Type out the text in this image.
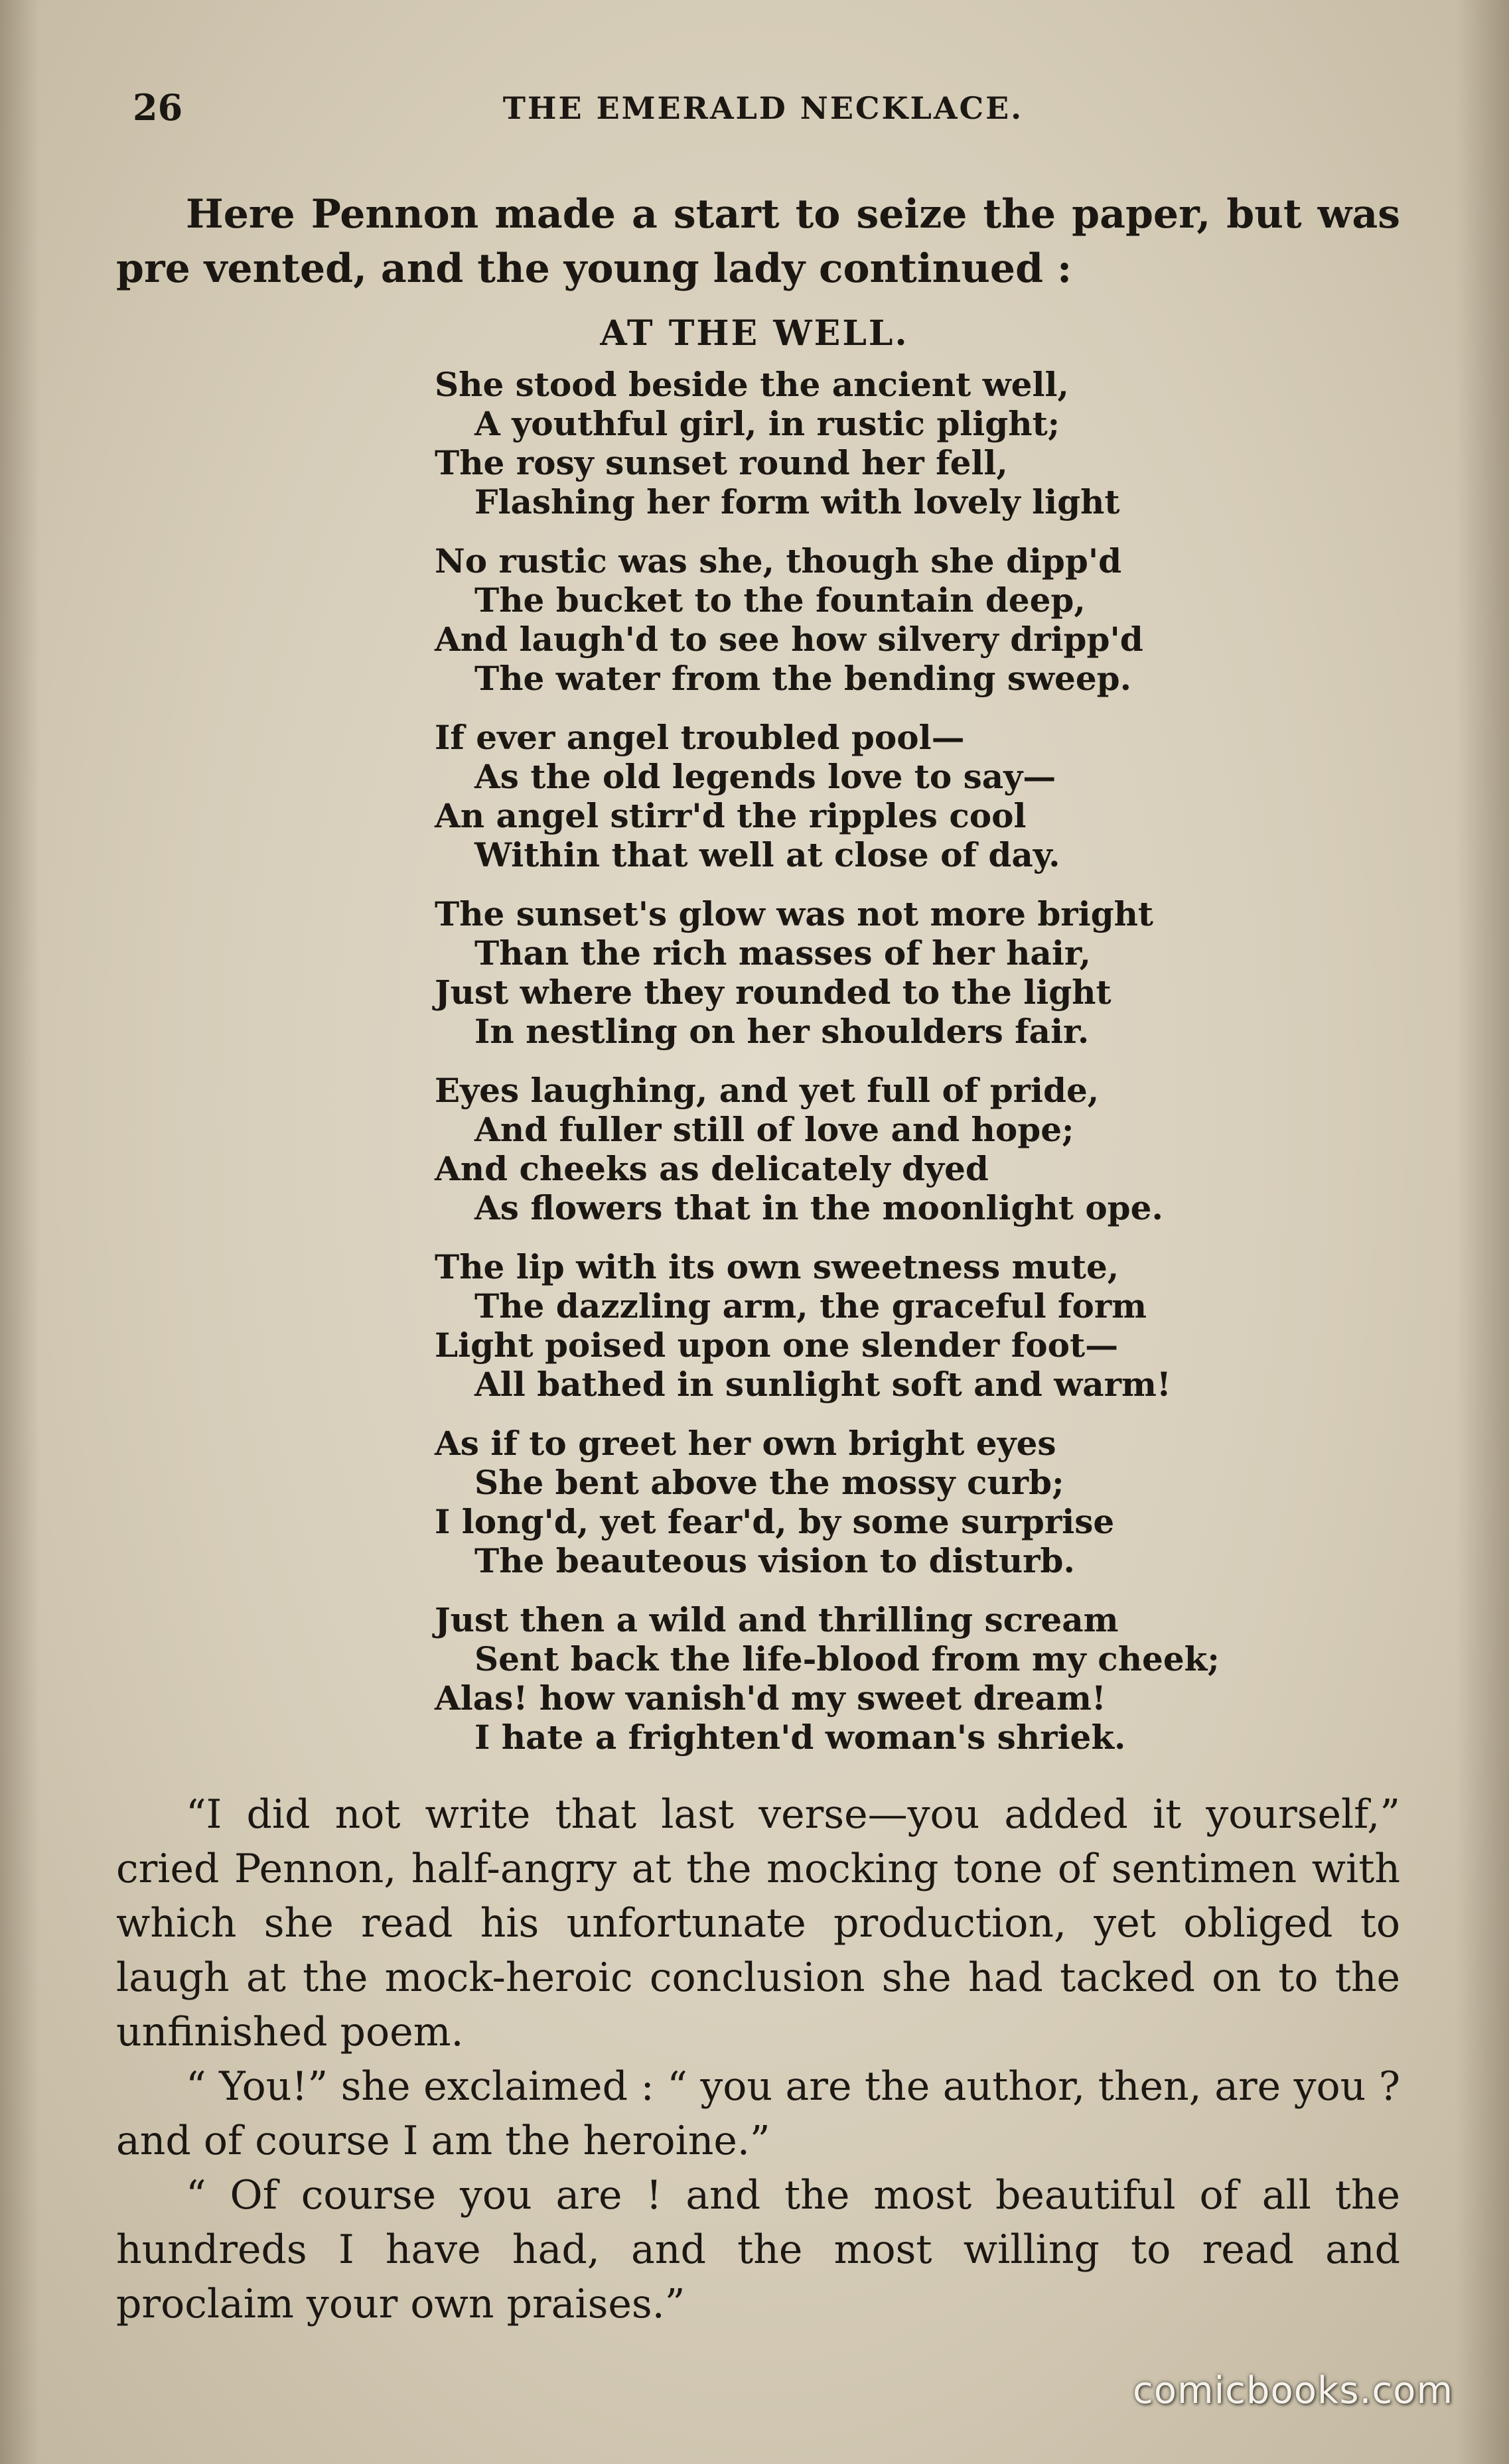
26	THE EMERALD NECKLACE.

Here Pennon made a start to seize the paper, but was pre vented, and the young lady continued :

AT THE WELL.
She stood beside the ancient well,
A youthful girl, in rustic plight;
The rosy sunset round her fell,
Flashing her form with lovely light
No rustic was she, though she dipp'd
The bucket to the fountain deep,
And laugh'd to see how silvery dripp'd
The water from the bending sweep.
If ever angel troubled pool—
As the old legends love to say—
An angel stirr'd the ripples cool
Within that well at close of day.
The sunset's glow was not more bright
Than the rich masses of her hair,
Just where they rounded to the light
In nestling on her shoulders fair.
Eyes laughing, and yet full of pride,
And fuller still of love and hope;
And cheeks as delicately dyed
As flowers that in the moonlight ope.
The lip with its own sweetness mute,
The dazzling arm, the graceful form
Light poised upon one slender foot—
All bathed in sunlight soft and warm!
As if to greet her own bright eyes
She bent above the mossy curb;
I long'd, yet fear'd, by some surprise
The beauteous vision to disturb.
Just then a wild and thrilling scream
Sent back the life-blood from my cheek;
Alas! how vanish'd my sweet dream!
I hate a frighten'd woman's shriek.

“I did not write that last verse—you added it yourself,” cried Pennon, half-angry at the mocking tone of sentimen with which she read his unfortunate production, yet obliged to laugh at the mock-heroic conclusion she had tacked on to the unfinished poem.

“ You!” she exclaimed : “ you are the author, then, are you ? and of course I am the heroine.”

“ Of course you are ! and the most beautiful of all the hundreds I have had, and the most willing to read and proclaim your own praises.”

comicbooks.com
